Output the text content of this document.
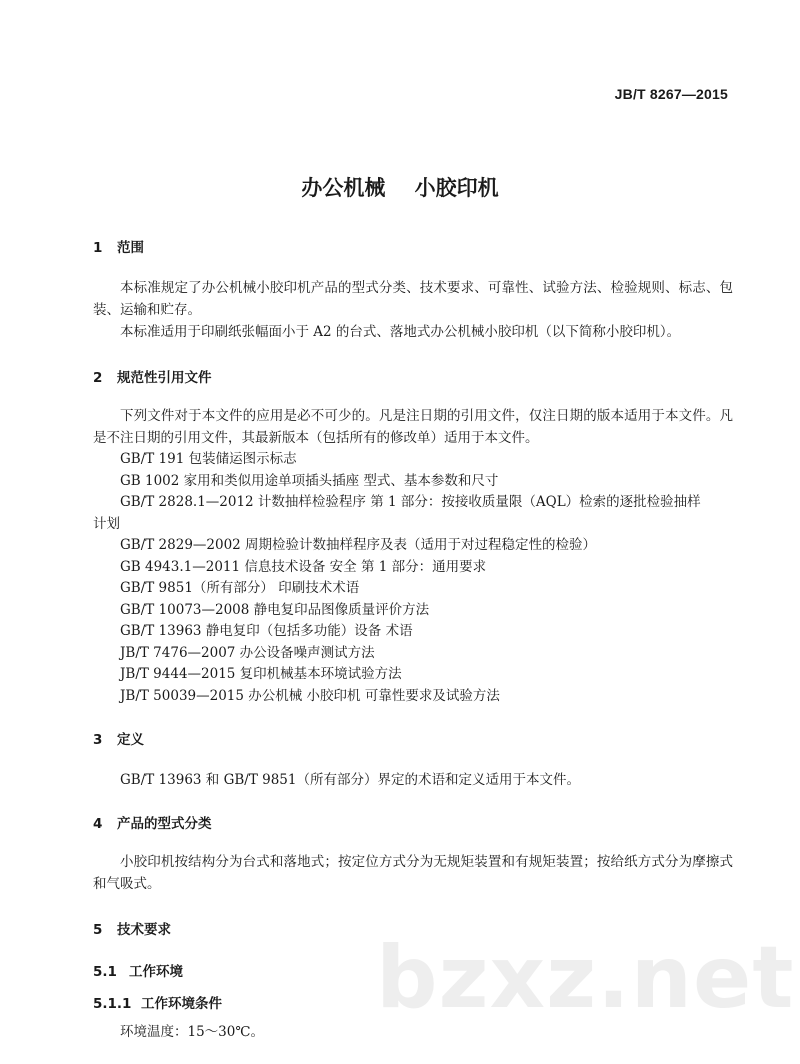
JB/T 8267—2015
办公机械    小胶印机
1 范围
本标准规定了办公机械小胶印机产品的型式分类、技术要求、可靠性、试验方法、检验规则、标志、包装、运输和贮存。
本标准适用于印刷纸张幅面小于 A2 的台式、落地式办公机械小胶印机（以下简称小胶印机）。
2 规范性引用文件
下列文件对于本文件的应用是必不可少的。凡是注日期的引用文件，仅注日期的版本适用于本文件。凡是不注日期的引用文件，其最新版本（包括所有的修改单）适用于本文件。
GB/T 191 包装储运图示标志
GB 1002 家用和类似用途单项插头插座 型式、基本参数和尺寸
GB/T 2828.1—2012 计数抽样检验程序 第 1 部分：按接收质量限（AQL）检索的逐批检验抽样
计划
GB/T 2829—2002 周期检验计数抽样程序及表（适用于对过程稳定性的检验）
GB 4943.1—2011 信息技术设备 安全 第 1 部分：通用要求
GB/T 9851（所有部分） 印刷技术术语
GB/T 10073—2008 静电复印品图像质量评价方法
GB/T 13963 静电复印（包括多功能）设备 术语
JB/T 7476—2007 办公设备噪声测试方法
JB/T 9444—2015 复印机械基本环境试验方法
JB/T 50039—2015 办公机械 小胶印机 可靠性要求及试验方法
3 定义
GB/T 13963 和 GB/T 9851（所有部分）界定的术语和定义适用于本文件。
4 产品的型式分类
小胶印机按结构分为台式和落地式；按定位方式分为无规矩装置和有规矩装置；按给纸方式分为摩擦式和气吸式。
bzxz.net
5 技术要求
5.1 工作环境
5.1.1 工作环境条件
环境温度：15～30℃。
